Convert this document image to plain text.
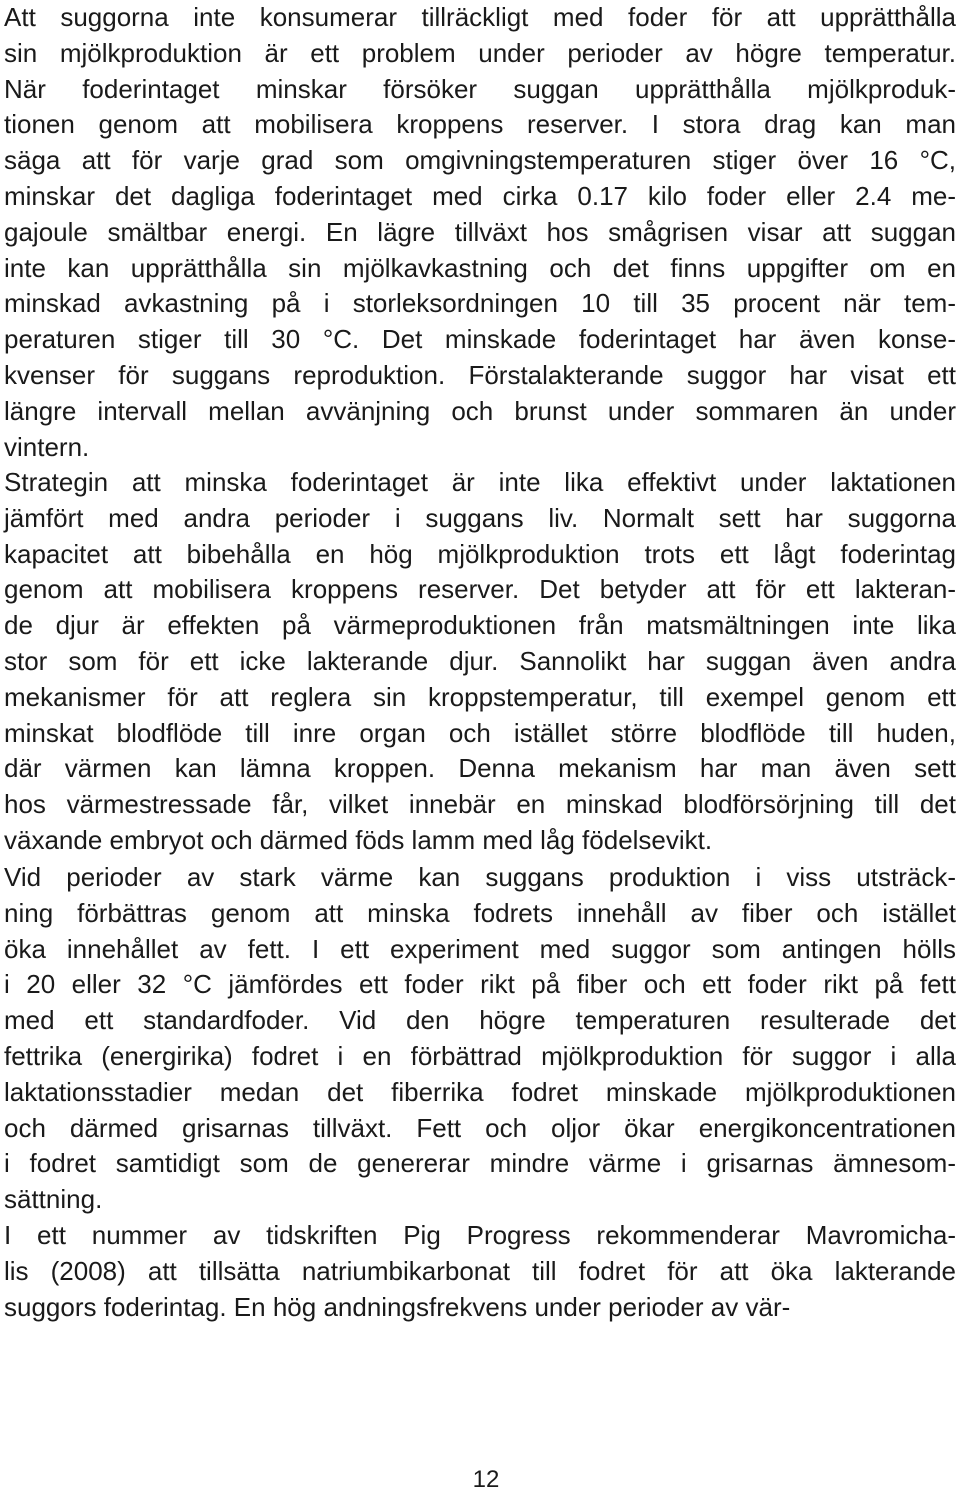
Att suggorna inte konsumerar tillräckligt med foder för att upprätthålla
sin mjölkproduktion är ett problem under perioder av högre temperatur.
När foderintaget minskar försöker suggan upprätthålla mjölkproduk-
tionen genom att mobilisera kroppens reserver. I stora drag kan man
säga att för varje grad som omgivningstemperaturen stiger över 16 °C,
minskar det dagliga foderintaget med cirka 0.17 kilo foder eller 2.4 me-
gajoule smältbar energi. En lägre tillväxt hos smågrisen visar att suggan
inte kan upprätthålla sin mjölkavkastning och det finns uppgifter om en
minskad avkastning på i storleksordningen 10 till 35 procent när tem-
peraturen stiger till 30 °C. Det minskade foderintaget har även konse-
kvenser för suggans reproduktion. Förstalakterande suggor har visat ett
längre intervall mellan avvänjning och brunst under sommaren än under
vintern.
Strategin att minska foderintaget är inte lika effektivt under laktationen
jämfört med andra perioder i suggans liv. Normalt sett har suggorna
kapacitet att bibehålla en hög mjölkproduktion trots ett lågt foderintag
genom att mobilisera kroppens reserver. Det betyder att för ett lakteran-
de djur är effekten på värmeproduktionen från matsmältningen inte lika
stor som för ett icke lakterande djur. Sannolikt har suggan även andra
mekanismer för att reglera sin kroppstemperatur, till exempel genom ett
minskat blodflöde till inre organ och istället större blodflöde till huden,
där värmen kan lämna kroppen. Denna mekanism har man även sett
hos värmestressade får, vilket innebär en minskad blodförsörjning till det
växande embryot och därmed föds lamm med låg födelsevikt.
Vid perioder av stark värme kan suggans produktion i viss utsträck-
ning förbättras genom att minska fodrets innehåll av fiber och istället
öka innehållet av fett. I ett experiment med suggor som antingen hölls
i 20 eller 32 °C jämfördes ett foder rikt på fiber och ett foder rikt på fett
med ett standardfoder. Vid den högre temperaturen resulterade det
fettrika (energirika) fodret i en förbättrad mjölkproduktion för suggor i alla
laktationsstadier medan det fiberrika fodret minskade mjölkproduktionen
och därmed grisarnas tillväxt. Fett och oljor ökar energikoncentrationen
i fodret samtidigt som de genererar mindre värme i grisarnas ämnesom-
sättning.
I ett nummer av tidskriften Pig Progress rekommenderar Mavromicha-
lis (2008) att tillsätta natriumbikarbonat till fodret för att öka lakterande
suggors foderintag. En hög andningsfrekvens under perioder av vär-
12
